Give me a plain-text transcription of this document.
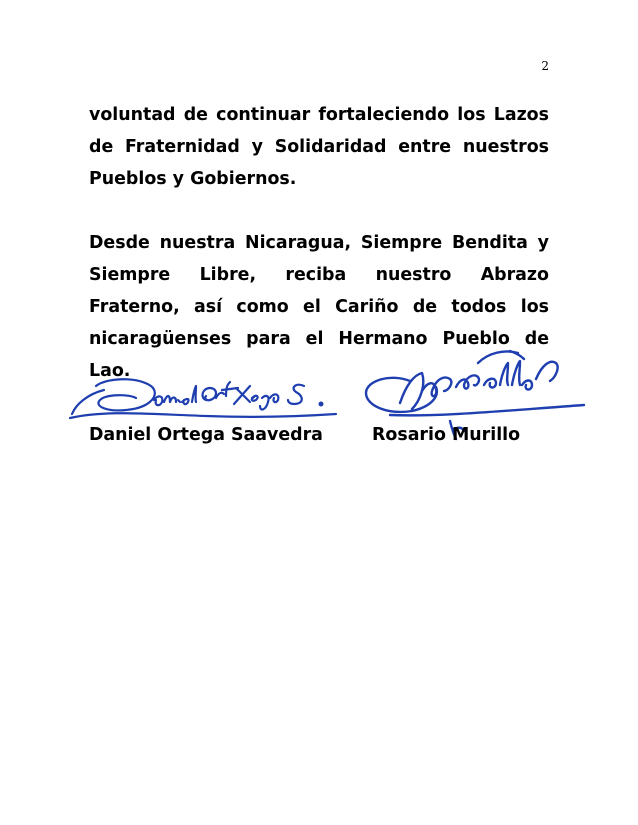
2

voluntad de continuar fortaleciendo los Lazos de Fraternidad y Solidaridad entre nuestros Pueblos y Gobiernos.

Desde nuestra Nicaragua, Siempre Bendita y Siempre Libre, reciba nuestro Abrazo Fraterno, así como el Cariño de todos los nicaragüenses para el Hermano Pueblo de Lao.

Daniel Ortega Saavedra	Rosario Murillo
